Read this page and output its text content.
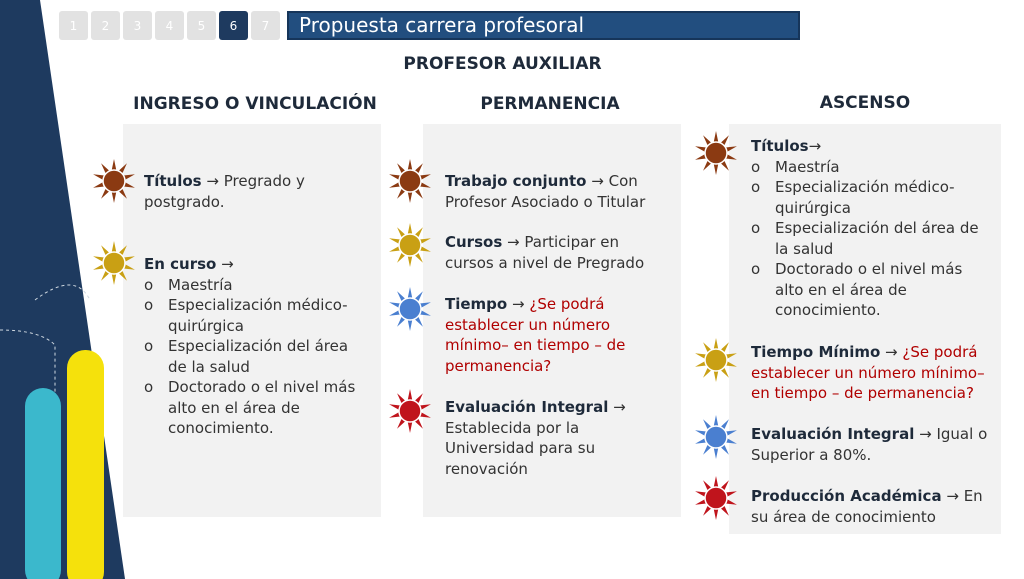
1	2	3	4	5	6	7	Propuesta carrera profesoral
PROFESOR AUXILIAR
INGRESO O VINCULACIÓN	PERMANENCIA	ASCENSO
Títulos → Pregrado y postgrado.
En curso →
o Maestría
o Especialización médico-quirúrgica
o Especialización del área de la salud
o Doctorado o el nivel más alto en el área de conocimiento.
Trabajo conjunto → Con Profesor Asociado o Titular
Cursos → Participar en cursos a nivel de Pregrado
Tiempo → ¿Se podrá establecer un número mínimo– en tiempo – de permanencia?
Evaluación Integral → Establecida por la Universidad para su renovación
Títulos→
o Maestría
o Especialización médico-quirúrgica
o Especialización del área de la salud
o Doctorado o el nivel más alto en el área de conocimiento.
Tiempo Mínimo → ¿Se podrá establecer un número mínimo– en tiempo – de permanencia?
Evaluación Integral → Igual o Superior a 80%.
Producción Académica → En su área de conocimiento
